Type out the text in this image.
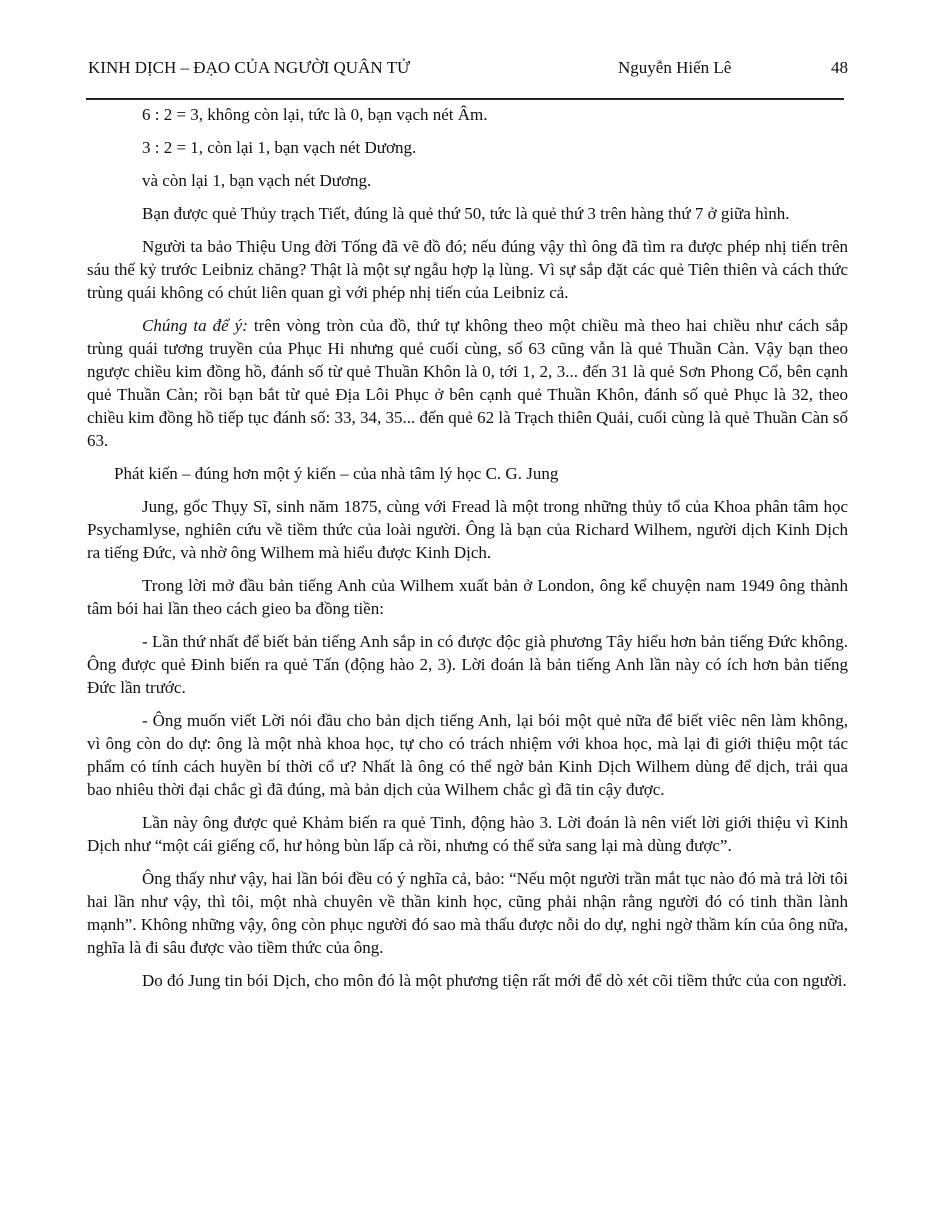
KINH DỊCH – ĐẠO CỦA NGƯỜI QUÂN TỬ	Nguyễn Hiến Lê	48

6 : 2 = 3, không còn lại, tức là 0, bạn vạch nét Âm.

3 : 2 = 1, còn lại 1, bạn vạch nét Dương.

và còn lại 1, bạn vạch nét Dương.

Bạn được quẻ Thủy trạch Tiết, đúng là quẻ thứ 50, tức là quẻ thứ 3 trên hàng thứ 7 ở giữa hình.

Người ta bảo Thiệu Ung đời Tống đã vẽ đồ đó; nếu đúng vậy thì ông đã tìm ra được phép nhị tiến trên sáu thế kỷ trước Leibniz chăng? Thật là một sự ngẫu hợp lạ lùng. Vì sự sắp đặt các quẻ Tiên thiên và cách thức trùng quái không có chút liên quan gì với phép nhị tiến của Leibniz cả.

Chúng ta để ý: trên vòng tròn của đồ, thứ tự không theo một chiều mà theo hai chiều như cách sắp trùng quái tương truyền của Phục Hi nhưng quẻ cuối cùng, số 63 cũng vẫn là quẻ Thuần Càn. Vậy bạn theo ngược chiều kim đồng hồ, đánh số từ quẻ Thuần Khôn là 0, tới 1, 2, 3... đến 31 là quẻ Sơn Phong Cổ, bên cạnh quẻ Thuần Càn; rồi bạn bắt từ quẻ Địa Lôi Phục ở bên cạnh quẻ Thuần Khôn, đánh số quẻ Phục là 32, theo chiều kim đồng hồ tiếp tục đánh số: 33, 34, 35... đến quẻ 62 là Trạch thiên Quải, cuối cùng là quẻ Thuần Càn số 63.

Phát kiến – đúng hơn một ý kiến – của nhà tâm lý học C. G. Jung

Jung, gốc Thụy Sĩ, sinh năm 1875, cùng với Fread là một trong những thủy tổ của Khoa phân tâm học Psychamlyse, nghiên cứu về tiềm thức của loài người. Ông là bạn của Richard Wilhem, người dịch Kinh Dịch ra tiếng Đức, và nhờ ông Wilhem mà hiểu được Kinh Dịch.

Trong lời mở đầu bản tiếng Anh của Wilhem xuất bản ở London, ông kể chuyện nam 1949 ông thành tâm bói hai lần theo cách gieo ba đồng tiền:

- Lần thứ nhất để biết bản tiếng Anh sắp in có được độc già phương Tây hiểu hơn bản tiếng Đức không. Ông được quẻ Đinh biến ra quẻ Tấn (động hào 2, 3). Lời đoán là bản tiếng Anh lần này có ích hơn bản tiếng Đức lần trước.

- Ông muốn viết Lời nói đầu cho bản dịch tiếng Anh, lại bói một quẻ nữa để biết viêc nên làm không, vì ông còn do dự: ông là một nhà khoa học, tự cho có trách nhiệm với khoa học, mà lại đi giới thiệu một tác phẩm có tính cách huyền bí thời cổ ư? Nhất là ông có thể ngờ bản Kinh Dịch Wilhem dùng để dịch, trải qua bao nhiêu thời đại chắc gì đã đúng, mà bản dịch của Wilhem chắc gì đã tin cậy được.

Lần này ông được quẻ Khảm biến ra quẻ Tinh, động hào 3. Lời đoán là nên viết lời giới thiệu vì Kinh Dịch như “một cái giếng cổ, hư hỏng bùn lấp cả rồi, nhưng có thể sửa sang lại mà dùng được”.

Ông thấy như vậy, hai lần bói đều có ý nghĩa cả, bảo: “Nếu một người trần mắt tục nào đó mà trả lời tôi hai lần như vậy, thì tôi, một nhà chuyên về thần kinh học, cũng phải nhận rằng người đó có tinh thần lành mạnh”. Không những vậy, ông còn phục người đó sao mà thấu được nỗi do dự, nghi ngờ thầm kín của ông nữa, nghĩa là đi sâu được vào tiềm thức của ông.

Do đó Jung tin bói Dịch, cho môn đó là một phương tiện rất mới để dò xét cõi tiềm thức của con người.
